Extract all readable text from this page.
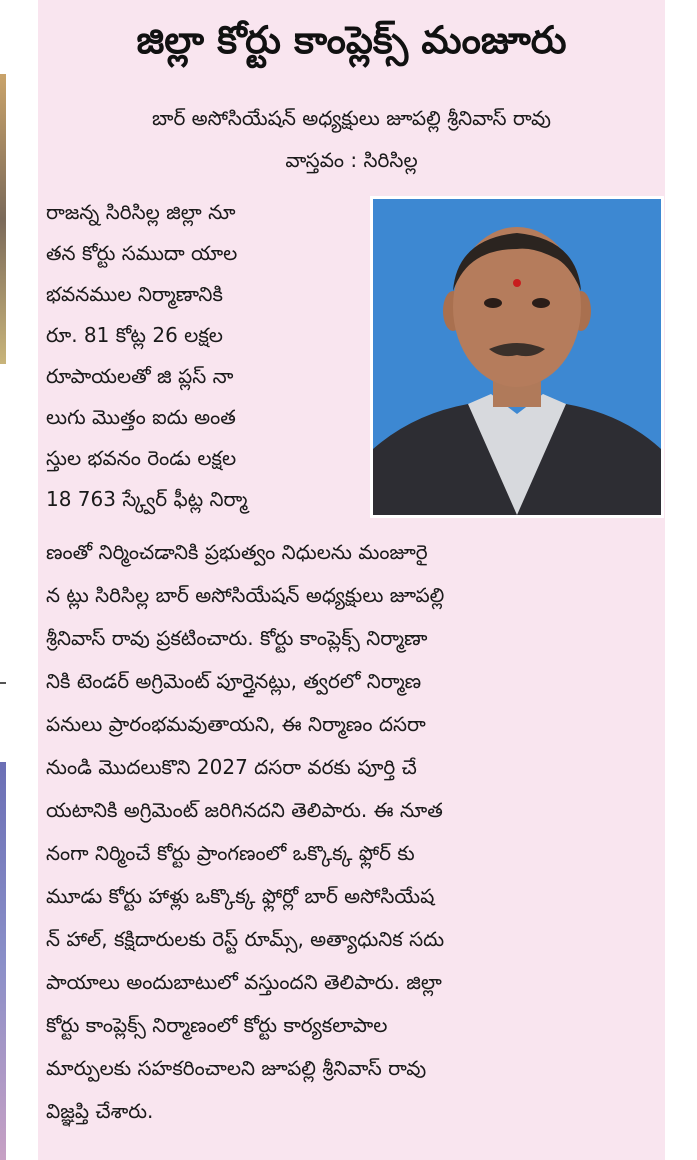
జిల్లా కోర్టు కాంప్లెక్స్ మంజూరు
బార్ అసోసియేషన్ అధ్యక్షులు జూపల్లి శ్రీనివాస్ రావు
వాస్తవం : సిరిసిల్ల
రాజన్న సిరిసిల్ల జిల్లా నూ
తన కోర్టు సముదా యాల
భవనముల నిర్మాణానికి
రూ. 81 కోట్ల 26 లక్షల
రూపాయలతో జి ప్లస్ నా
లుగు మొత్తం ఐదు అంత
స్తుల భవనం రెండు లక్షల
18 763 స్క్వేర్ ఫీట్ల నిర్మా
ణంతో నిర్మించడానికి ప్రభుత్వం నిధులను మంజూరై
న ట్లు సిరిసిల్ల బార్ అసోసియేషన్ అధ్యక్షులు జూపల్లి
శ్రీనివాస్ రావు ప్రకటించారు. కోర్టు కాంప్లెక్స్ నిర్మాణా
నికి టెండర్ అగ్రిమెంట్ పూర్తైనట్లు, త్వరలో నిర్మాణ
పనులు ప్రారంభమవుతాయని, ఈ నిర్మాణం దసరా
నుండి మొదలుకొని 2027 దసరా వరకు పూర్తి చే
యటానికి అగ్రిమెంట్ జరిగినదని తెలిపారు. ఈ నూత
నంగా నిర్మించే కోర్టు ప్రాంగణంలో ఒక్కొక్క ఫ్లోర్ కు
మూడు కోర్టు హాళ్లు ఒక్కొక్క ఫ్లోర్లో బార్ అసోసియేష
న్ హాల్, కక్షిదారులకు రెస్ట్ రూమ్స్, అత్యాధునిక సదు
పాయాలు అందుబాటులో వస్తుందని తెలిపారు. జిల్లా
కోర్టు కాంప్లెక్స్ నిర్మాణంలో కోర్టు కార్యకలాపాల
మార్పులకు సహకరించాలని జూపల్లి శ్రీనివాస్ రావు
విజ్ఞప్తి చేశారు.
